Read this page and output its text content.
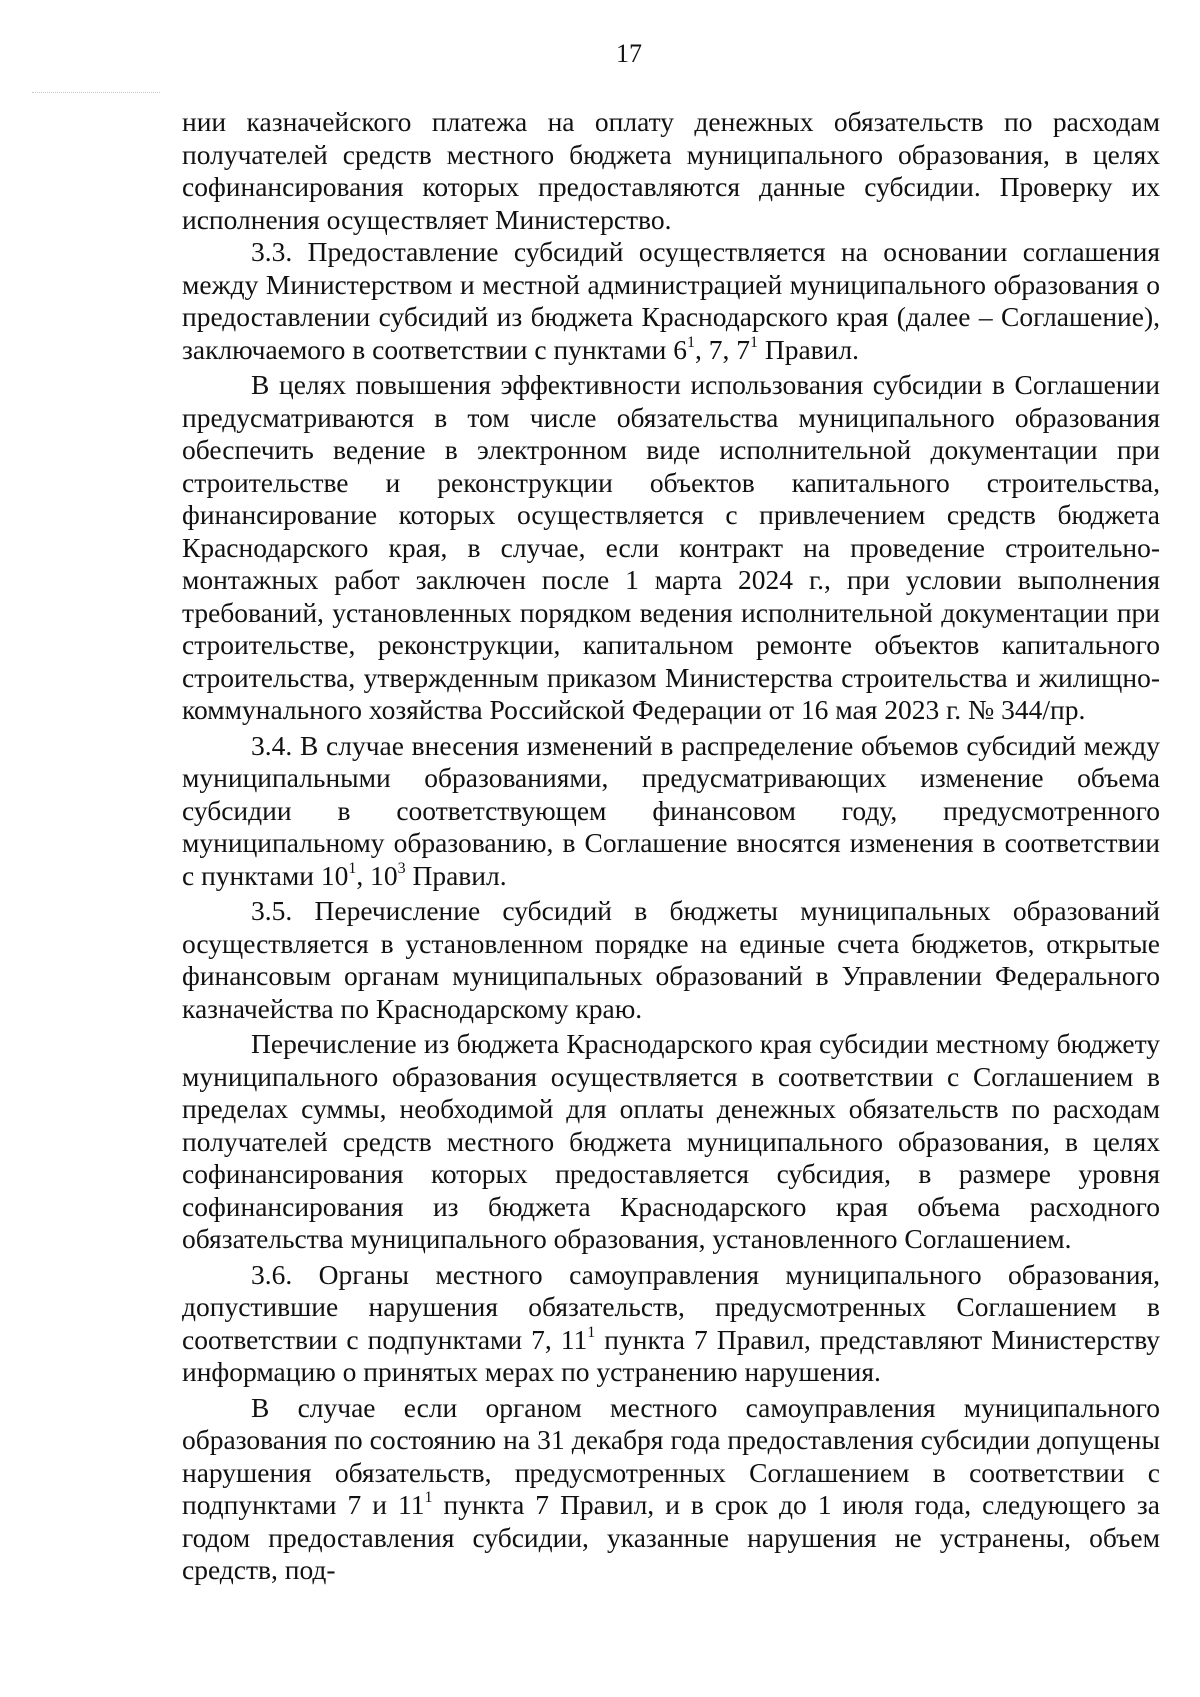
17

нии казначейского платежа на оплату денежных обязательств по расходам получателей средств местного бюджета муниципального образования, в целях софинансирования которых предоставляются данные субсидии. Проверку их исполнения осуществляет Министерство.

3.3. Предоставление субсидий осуществляется на основании соглашения между Министерством и местной администрацией муниципального образования о предоставлении субсидий из бюджета Краснодарского края (далее – Соглашение), заключаемого в соответствии с пунктами $6^1$, 7, $7^1$ Правил.

В целях повышения эффективности использования субсидии в Соглашении предусматриваются в том числе обязательства муниципального образования обеспечить ведение в электронном виде исполнительной документации при строительстве и реконструкции объектов капитального строительства, финансирование которых осуществляется с привлечением средств бюджета Краснодарского края, в случае, если контракт на проведение строительно-монтажных работ заключен после 1 марта 2024 г., при условии выполнения требований, установленных порядком ведения исполнительной документации при строительстве, реконструкции, капитальном ремонте объектов капитального строительства, утвержденным приказом Министерства строительства и жилищно-коммунального хозяйства Российской Федерации от 16 мая 2023 г. № 344/пр.

3.4. В случае внесения изменений в распределение объемов субсидий между муниципальными образованиями, предусматривающих изменение объема субсидии в соответствующем финансовом году, предусмотренного муниципальному образованию, в Соглашение вносятся изменения в соответствии с пунктами $10^1$, $10^3$ Правил.

3.5. Перечисление субсидий в бюджеты муниципальных образований осуществляется в установленном порядке на единые счета бюджетов, открытые финансовым органам муниципальных образований в Управлении Федерального казначейства по Краснодарскому краю.

Перечисление из бюджета Краснодарского края субсидии местному бюджету муниципального образования осуществляется в соответствии с Соглашением в пределах суммы, необходимой для оплаты денежных обязательств по расходам получателей средств местного бюджета муниципального образования, в целях софинансирования которых предоставляется субсидия, в размере уровня софинансирования из бюджета Краснодарского края объема расходного обязательства муниципального образования, установленного Соглашением.

3.6. Органы местного самоуправления муниципального образования, допустившие нарушения обязательств, предусмотренных Соглашением в соответствии с подпунктами 7, $11^1$ пункта 7 Правил, представляют Министерству информацию о принятых мерах по устранению нарушения.

В случае если органом местного самоуправления муниципального образования по состоянию на 31 декабря года предоставления субсидии допущены нарушения обязательств, предусмотренных Соглашением в соответствии с подпунктами 7 и $11^1$ пункта 7 Правил, и в срок до 1 июля года, следующего за годом предоставления субсидии, указанные нарушения не устранены, объем средств, под-
